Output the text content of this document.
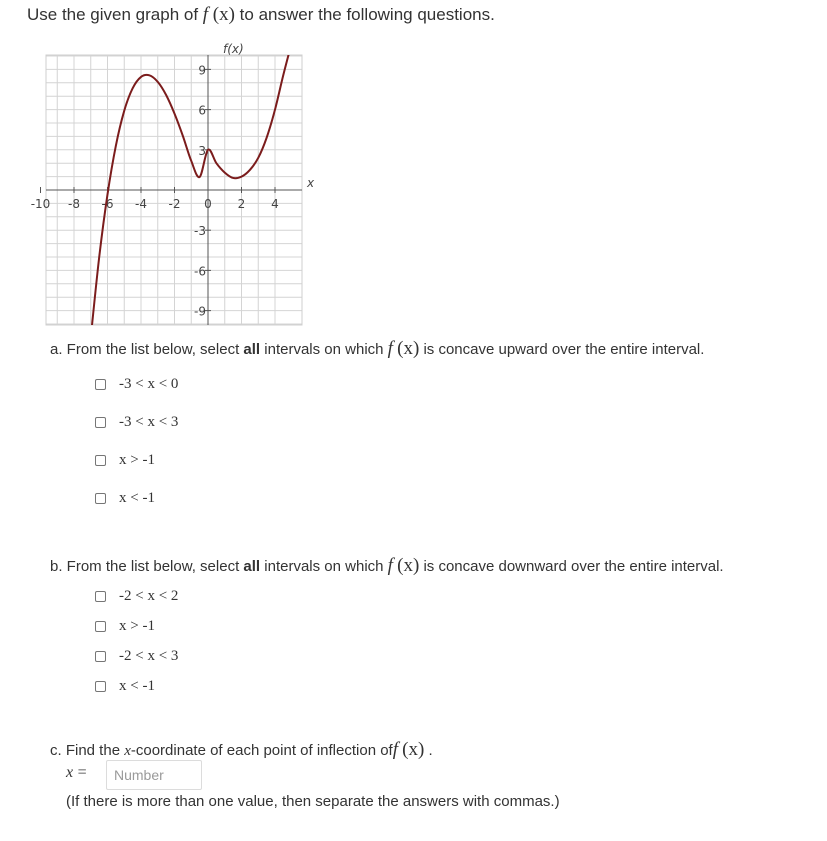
Use the given graph of f (x) to answer the following questions.
-10 -8 -6 -4 -2 0 2 4
9
6
3
-3
-6
-9
f(x)
x
a. From the list below, select all intervals on which f (x) is concave upward over the entire interval.
-3 < x < 0
-3 < x < 3
x > -1
x < -1
b. From the list below, select all intervals on which f (x) is concave downward over the entire interval.
-2 < x < 2
x > -1
-2 < x < 3
x < -1
c. Find the x-coordinate of each point of inflection off (x) .
x =
Number
(If there is more than one value, then separate the answers with commas.)
